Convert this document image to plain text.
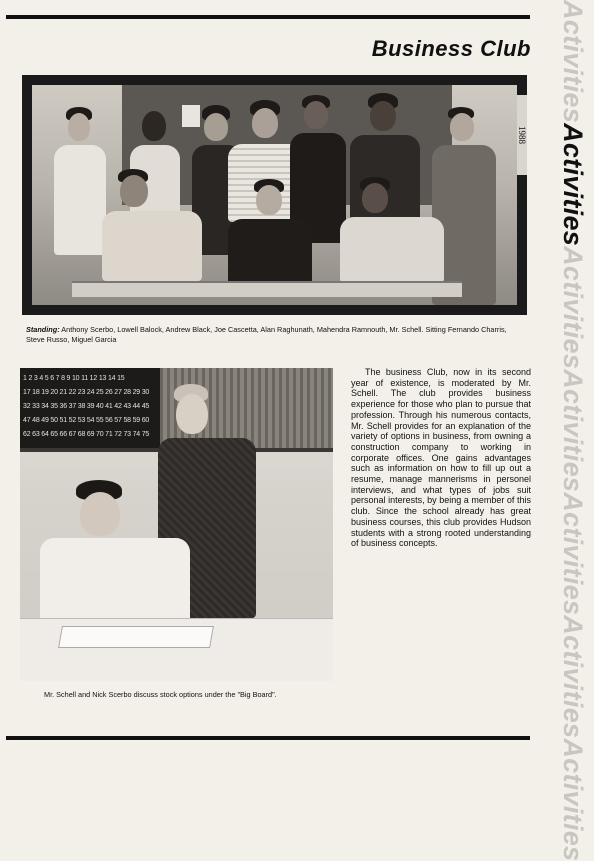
Business Club ActivitiesActivitiesActivitiesActivitiesActivitiesActivitiesActivities
1988

Standing: Anthony Scerbo, Lowell Balock, Andrew Black, Joe Cascetta, Alan Raghunath, Mahendra Ramnouth, Mr. Schell. Sitting Fernando Charris, Steve Russo, Miguel Garcia

1 2 3 4 5 6 7 8 9 10 11 12 13 14 15
17 18 19 20 21 22 23 24 25 26 27 28 29 30
32 33 34 35 36 37 38 39 40 41 42 43 44 45
47 48 49 50 51 52 53 54 55 56 57 58 59 60
62 63 64 65 66 67 68 69 70 71 72 73 74 75

Mr. Schell and Nick Scerbo discuss stock options under the "Big Board".

The business Club, now in its second year of existence, is moderated by Mr. Schell. The club provides business experience for those who plan to pursue that profession. Through his numerous contacts, Mr. Schell provides for an explanation of the variety of options in business, from owning a construction company to working in corporate offices. One gains advantages such as information on how to fill up out a resume, manage mannerisms in personel interviews, and what types of jobs suit personal interests, by being a member of this club. Since the school already has great business courses, this club provides Hudson students with a strong rooted understanding of business concepts.
